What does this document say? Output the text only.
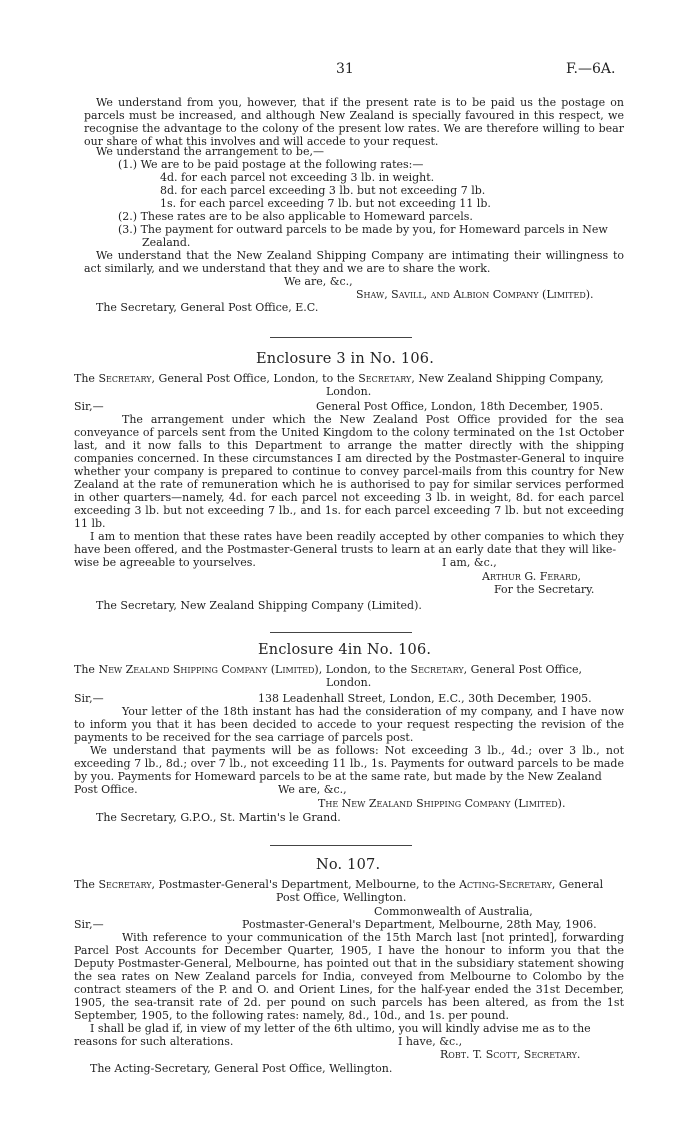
31	F.—6A.
We understand from you, however, that if the present rate is to be paid us the postage on parcels must be increased, and although New Zealand is specially favoured in this respect, we recognise the advantage to the colony of the present low rates. We are therefore willing to bear our share of what this involves and will accede to your request.
We understand the arrangement to be,—
(1.) We are to be paid postage at the following rates:—
4d. for each parcel not exceeding 3 lb. in weight.
8d. for each parcel exceeding 3 lb. but not exceeding 7 lb.
1s. for each parcel exceeding 7 lb. but not exceeding 11 lb.
(2.) These rates are to be also applicable to Homeward parcels.
(3.) The payment for outward parcels to be made by you, for Homeward parcels in New
Zealand.
We understand that the New Zealand Shipping Company are intimating their willingness to act similarly, and we understand that they and we are to share the work.
We are, &c.,
Shaw, Savill, and Albion Company (Limited).
The Secretary, General Post Office, E.C.
Enclosure 3 in No. 106.
The Secretary, General Post Office, London, to the Secretary, New Zealand Shipping Company,
London.
Sir,—	General Post Office, London, 18th December, 1905.
The arrangement under which the New Zealand Post Office provided for the sea conveyance of parcels sent from the United Kingdom to the colony terminated on the 1st October last, and it now falls to this Department to arrange the matter directly with the shipping companies concerned. In these circumstances I am directed by the Postmaster-General to inquire whether your company is prepared to continue to convey parcel-mails from this country for New Zealand at the rate of remuneration which he is authorised to pay for similar services performed in other quarters—namely, 4d. for each parcel not exceeding 3 lb. in weight, 8d. for each parcel exceeding 3 lb. but not exceeding 7 lb., and 1s. for each parcel exceeding 7 lb. but not exceeding 11 lb.
I am to mention that these rates have been readily accepted by other companies to which they have been offered, and the Postmaster-General trusts to learn at an early date that they will like-
wise be agreeable to yourselves.	I am, &c.,
Arthur G. Ferard,
For the Secretary.
The Secretary, New Zealand Shipping Company (Limited).
Enclosure 4in No. 106.
The New Zealand Shipping Company (Limited), London, to the Secretary, General Post Office,
London.
Sir,—	138 Leadenhall Street, London, E.C., 30th December, 1905.
Your letter of the 18th instant has had the consideration of my company, and I have now to inform you that it has been decided to accede to your request respecting the revision of the payments to be received for the sea carriage of parcels post.
We understand that payments will be as follows: Not exceeding 3 lb., 4d.; over 3 lb., not exceeding 7 lb., 8d.; over 7 lb., not exceeding 11 lb., 1s. Payments for outward parcels to be made by you. Payments for Homeward parcels to be at the same rate, but made by the New Zealand
Post Office.	We are, &c.,
The New Zealand Shipping Company (Limited).
The Secretary, G.P.O., St. Martin's le Grand.
No. 107.
The Secretary, Postmaster-General's Department, Melbourne, to the Acting-Secretary, General
Post Office, Wellington.
Commonwealth of Australia,
Sir,—	Postmaster-General's Department, Melbourne, 28th May, 1906.
With reference to your communication of the 15th March last [not printed], forwarding Parcel Post Accounts for December Quarter, 1905, I have the honour to inform you that the Deputy Postmaster-General, Melbourne, has pointed out that in the subsidiary statement showing the sea rates on New Zealand parcels for India, conveyed from Melbourne to Colombo by the contract steamers of the P. and O. and Orient Lines, for the half-year ended the 31st December, 1905, the sea-transit rate of 2d. per pound on such parcels has been altered, as from the 1st September, 1905, to the following rates: namely, 8d., 10d., and 1s. per pound.
I shall be glad if, in view of my letter of the 6th ultimo, you will kindly advise me as to the
reasons for such alterations.	I have, &c.,
Robt. T. Scott, Secretary.
The Acting-Secretary, General Post Office, Wellington.
